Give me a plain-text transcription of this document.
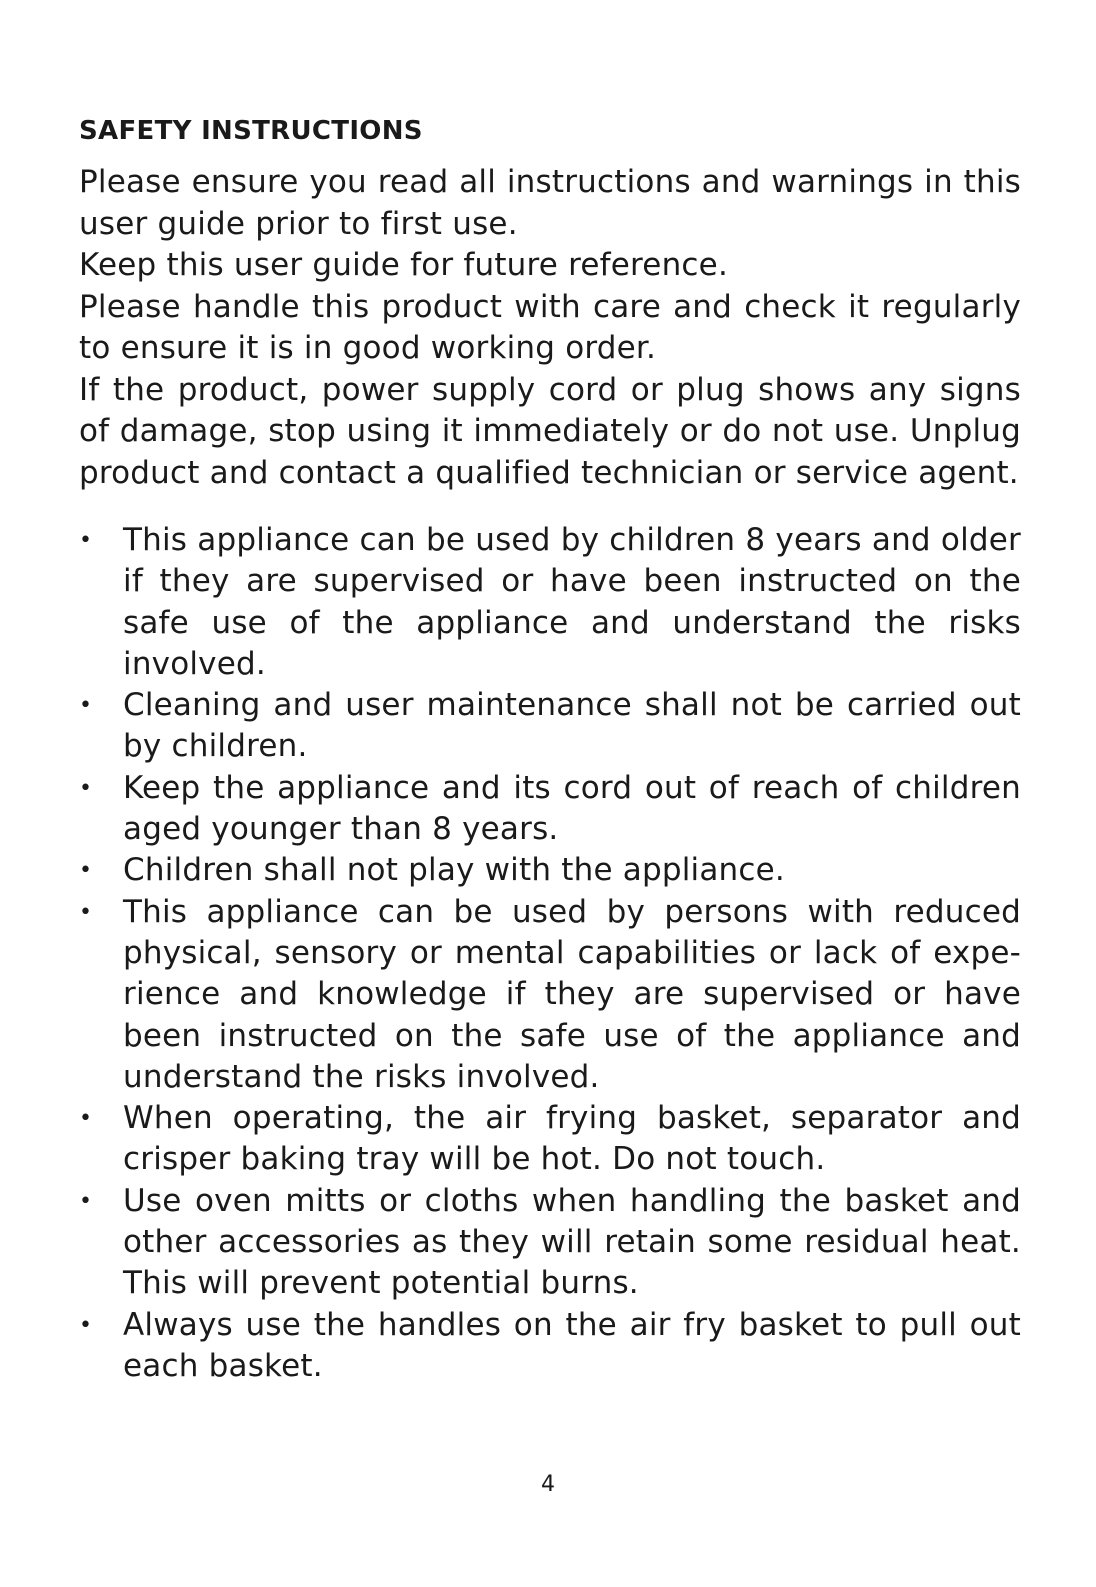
SAFETY INSTRUCTIONS

Please ensure you read all instructions and warnings in this user guide prior to first use.

Keep this user guide for future reference.

Please handle this product with care and check it regularly to ensure it is in good working order.

If the product, power supply cord or plug shows any signs of damage, stop using it immediately or do not use. Unplug product and contact a qualified technician or service agent.

• This appliance can be used by children 8 years and older if they are supervised or have been instructed on the safe use of the appliance and understand the risks involved.
• Cleaning and user maintenance shall not be carried out by children.
• Keep the appliance and its cord out of reach of children aged younger than 8 years.
• Children shall not play with the appliance.
• This appliance can be used by persons with reduced physical, sensory or mental capabilities or lack of expe-rience and knowledge if they are supervised or have been instructed on the safe use of the appliance and understand the risks involved.
• When operating, the air frying basket, separator and crisper baking tray will be hot. Do not touch.
• Use oven mitts or cloths when handling the basket and other accessories as they will retain some residual heat. This will prevent potential burns.
• Always use the handles on the air fry basket to pull out each basket.
4
